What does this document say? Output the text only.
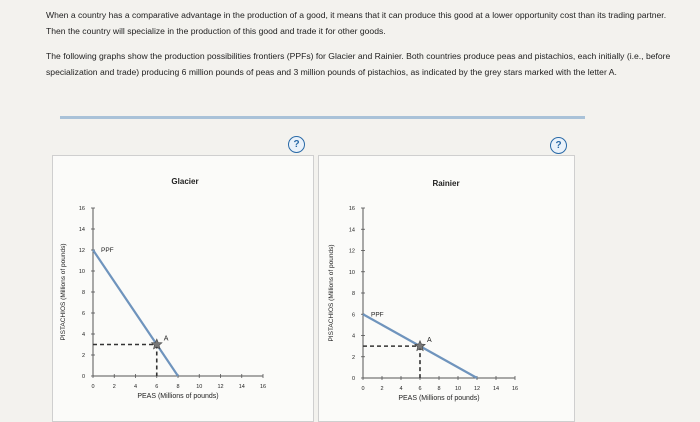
When a country has a comparative advantage in the production of a good, it means that it can produce this good at a lower opportunity cost than its trading partner. Then the country will specialize in the production of this good and trade it for other goods.
The following graphs show the production possibilities frontiers (PPFs) for Glacier and Rainier. Both countries produce peas and pistachios, each initially (i.e., before specialization and trade) producing 6 million pounds of peas and 3 million pounds of pistachios, as indicated by the grey stars marked with the letter A.
?	?
Glacier
0
2
4
6
8
10
12
14
16
0	2	4	6	8	10	12	14	16
PEAS (Millions of pounds)
PISTACHIOS (Millions of pounds)	PPF
A
Rainier
0
2
4
6
8
10
12
14
16
0	2	4	6	8	10 12 14 16
PEAS (Millions of pounds)
PISTACHIOS (Millions of pounds)	PPF
A
